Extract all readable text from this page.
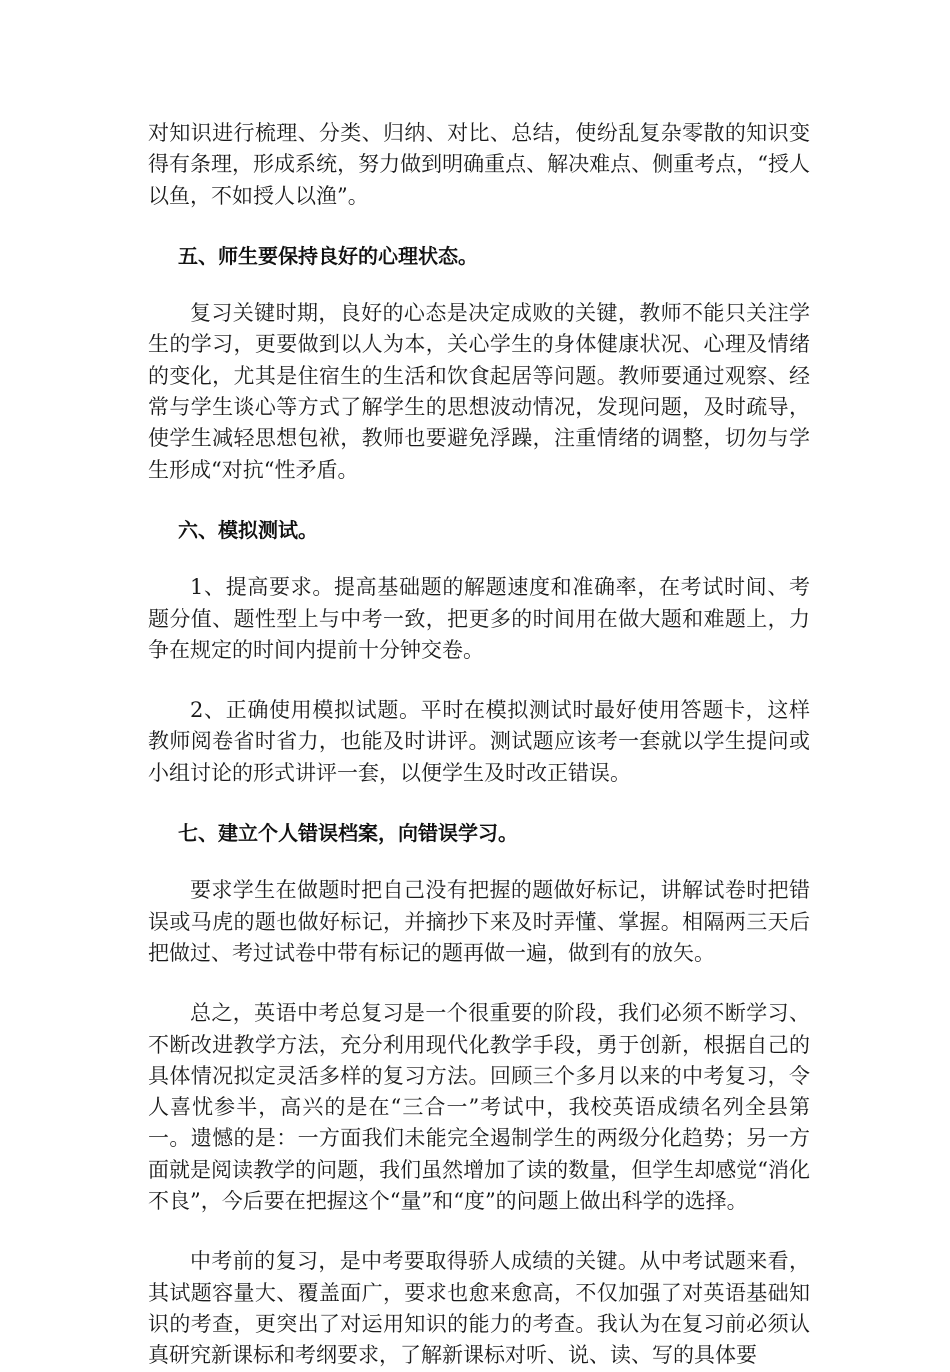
对知识进行梳理、分类、归纳、对比、总结，使纷乱复杂零散的知识变得有条理，形成系统，努力做到明确重点、解决难点、侧重考点，“授人以鱼，不如授人以渔”。

五、师生要保持良好的心理状态。

复习关键时期，良好的心态是决定成败的关键，教师不能只关注学生的学习，更要做到以人为本，关心学生的身体健康状况、心理及情绪的变化，尤其是住宿生的生活和饮食起居等问题。教师要通过观察、经常与学生谈心等方式了解学生的思想波动情况，发现问题，及时疏导，使学生减轻思想包袱，教师也要避免浮躁，注重情绪的调整，切勿与学生形成“对抗“性矛盾。

六、模拟测试。

1、提高要求。提高基础题的解题速度和准确率，在考试时间、考题分值、题性型上与中考一致，把更多的时间用在做大题和难题上，力争在规定的时间内提前十分钟交卷。

2、正确使用模拟试题。平时在模拟测试时最好使用答题卡，这样教师阅卷省时省力，也能及时讲评。测试题应该考一套就以学生提问或小组讨论的形式讲评一套，以便学生及时改正错误。

七、建立个人错误档案，向错误学习。

要求学生在做题时把自己没有把握的题做好标记，讲解试卷时把错误或马虎的题也做好标记，并摘抄下来及时弄懂、掌握。相隔两三天后把做过、考过试卷中带有标记的题再做一遍，做到有的放矢。

总之，英语中考总复习是一个很重要的阶段，我们必须不断学习、不断改进教学方法，充分利用现代化教学手段，勇于创新，根据自己的具体情况拟定灵活多样的复习方法。回顾三个多月以来的中考复习，令人喜忧参半，高兴的是在“三合一”考试中，我校英语成绩名列全县第一。遗憾的是：一方面我们未能完全遏制学生的两级分化趋势；另一方面就是阅读教学的问题，我们虽然增加了读的数量，但学生却感觉“消化不良”，今后要在把握这个“量”和“度”的问题上做出科学的选择。

中考前的复习，是中考要取得骄人成绩的关键。从中考试题来看，其试题容量大、覆盖面广，要求也愈来愈高，不仅加强了对英语基础知识的考查，更突出了对运用知识的能力的考查。我认为在复习前必须认真研究新课标和考纲要求，了解新课标对听、说、读、写的具体要
